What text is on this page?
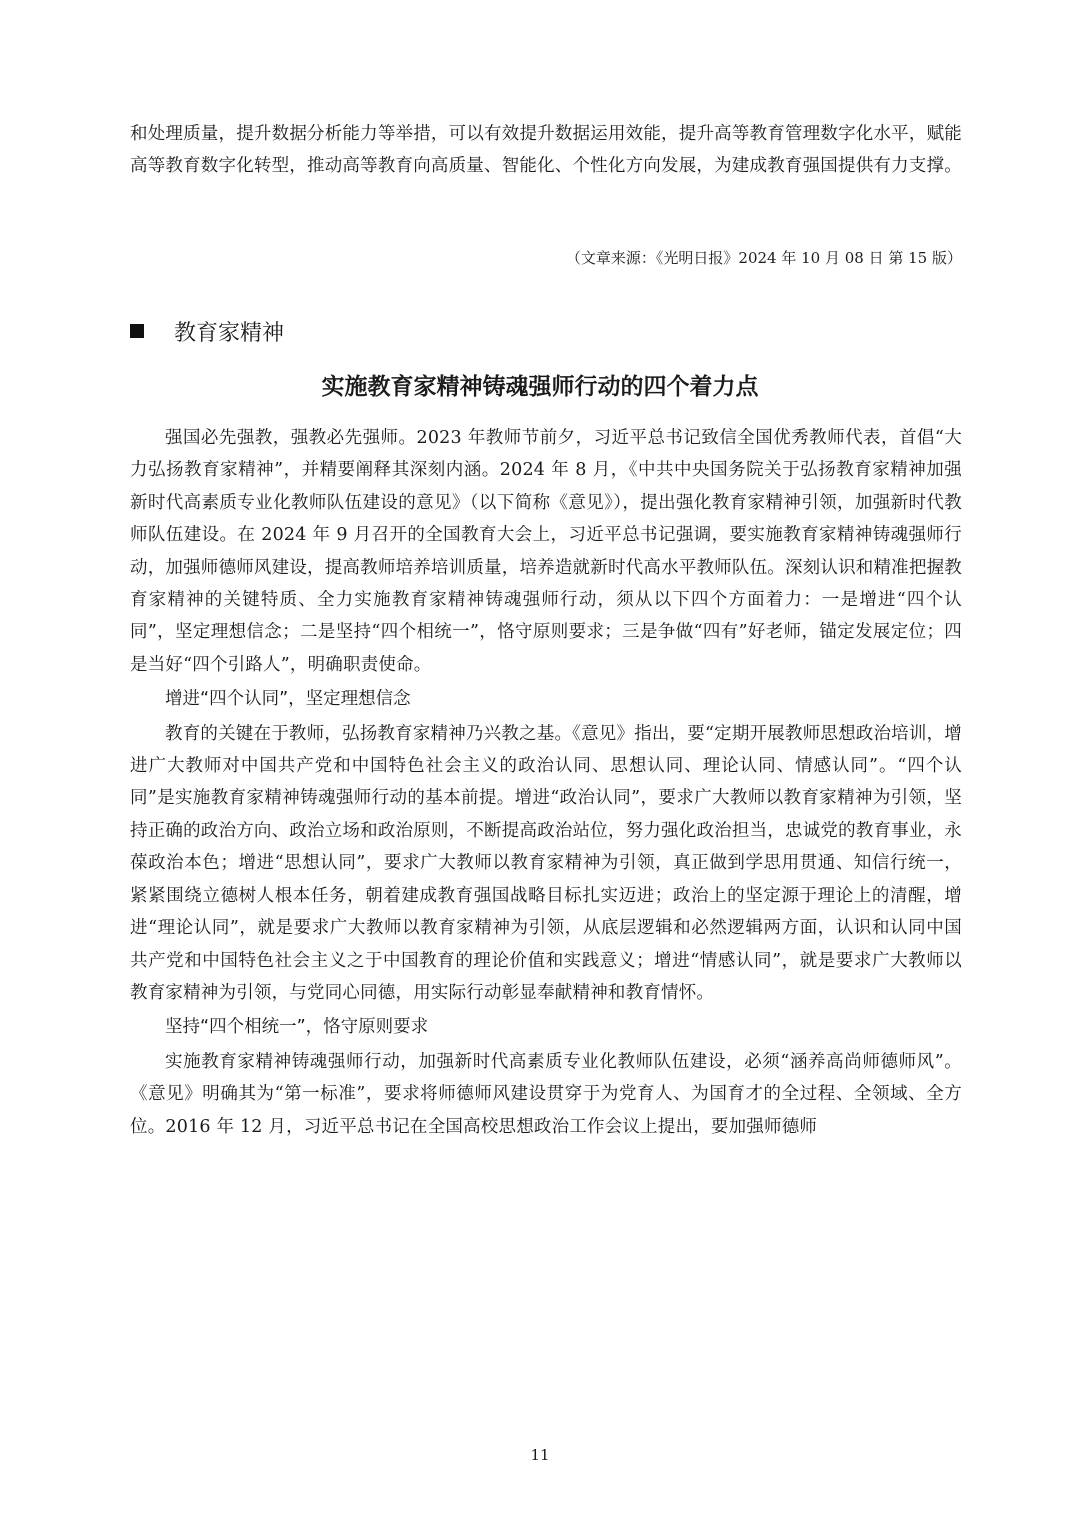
和处理质量，提升数据分析能力等举措，可以有效提升数据运用效能，提升高等教育管理数字化水平，赋能高等教育数字化转型，推动高等教育向高质量、智能化、个性化方向发展，为建成教育强国提供有力支撑。

（文章来源：《光明日报》2024 年 10 月 08 日 第 15 版）
教育家精神
实施教育家精神铸魂强师行动的四个着力点

强国必先强教，强教必先强师。2023 年教师节前夕，习近平总书记致信全国优秀教师代表，首倡“大力弘扬教育家精神”，并精要阐释其深刻内涵。2024 年 8 月，《中共中央国务院关于弘扬教育家精神加强新时代高素质专业化教师队伍建设的意见》（以下简称《意见》），提出强化教育家精神引领，加强新时代教师队伍建设。在 2024 年 9 月召开的全国教育大会上，习近平总书记强调，要实施教育家精神铸魂强师行动，加强师德师风建设，提高教师培养培训质量，培养造就新时代高水平教师队伍。深刻认识和精准把握教育家精神的关键特质、全力实施教育家精神铸魂强师行动，须从以下四个方面着力：一是增进“四个认同”，坚定理想信念；二是坚持“四个相统一”，恪守原则要求；三是争做“四有”好老师，锚定发展定位；四是当好“四个引路人”，明确职责使命。

增进“四个认同”，坚定理想信念

教育的关键在于教师，弘扬教育家精神乃兴教之基。《意见》指出，要“定期开展教师思想政治培训，增进广大教师对中国共产党和中国特色社会主义的政治认同、思想认同、理论认同、情感认同”。“四个认同”是实施教育家精神铸魂强师行动的基本前提。增进“政治认同”，要求广大教师以教育家精神为引领，坚持正确的政治方向、政治立场和政治原则，不断提高政治站位，努力强化政治担当，忠诚党的教育事业，永葆政治本色；增进“思想认同”，要求广大教师以教育家精神为引领，真正做到学思用贯通、知信行统一，紧紧围绕立德树人根本任务，朝着建成教育强国战略目标扎实迈进；政治上的坚定源于理论上的清醒，增进“理论认同”，就是要求广大教师以教育家精神为引领，从底层逻辑和必然逻辑两方面，认识和认同中国共产党和中国特色社会主义之于中国教育的理论价值和实践意义；增进“情感认同”，就是要求广大教师以教育家精神为引领，与党同心同德，用实际行动彰显奉献精神和教育情怀。

坚持“四个相统一”，恪守原则要求

实施教育家精神铸魂强师行动，加强新时代高素质专业化教师队伍建设，必须“涵养高尚师德师风”。《意见》明确其为“第一标准”，要求将师德师风建设贯穿于为党育人、为国育才的全过程、全领域、全方位。2016 年 12 月，习近平总书记在全国高校思想政治工作会议上提出，要加强师德师

11
